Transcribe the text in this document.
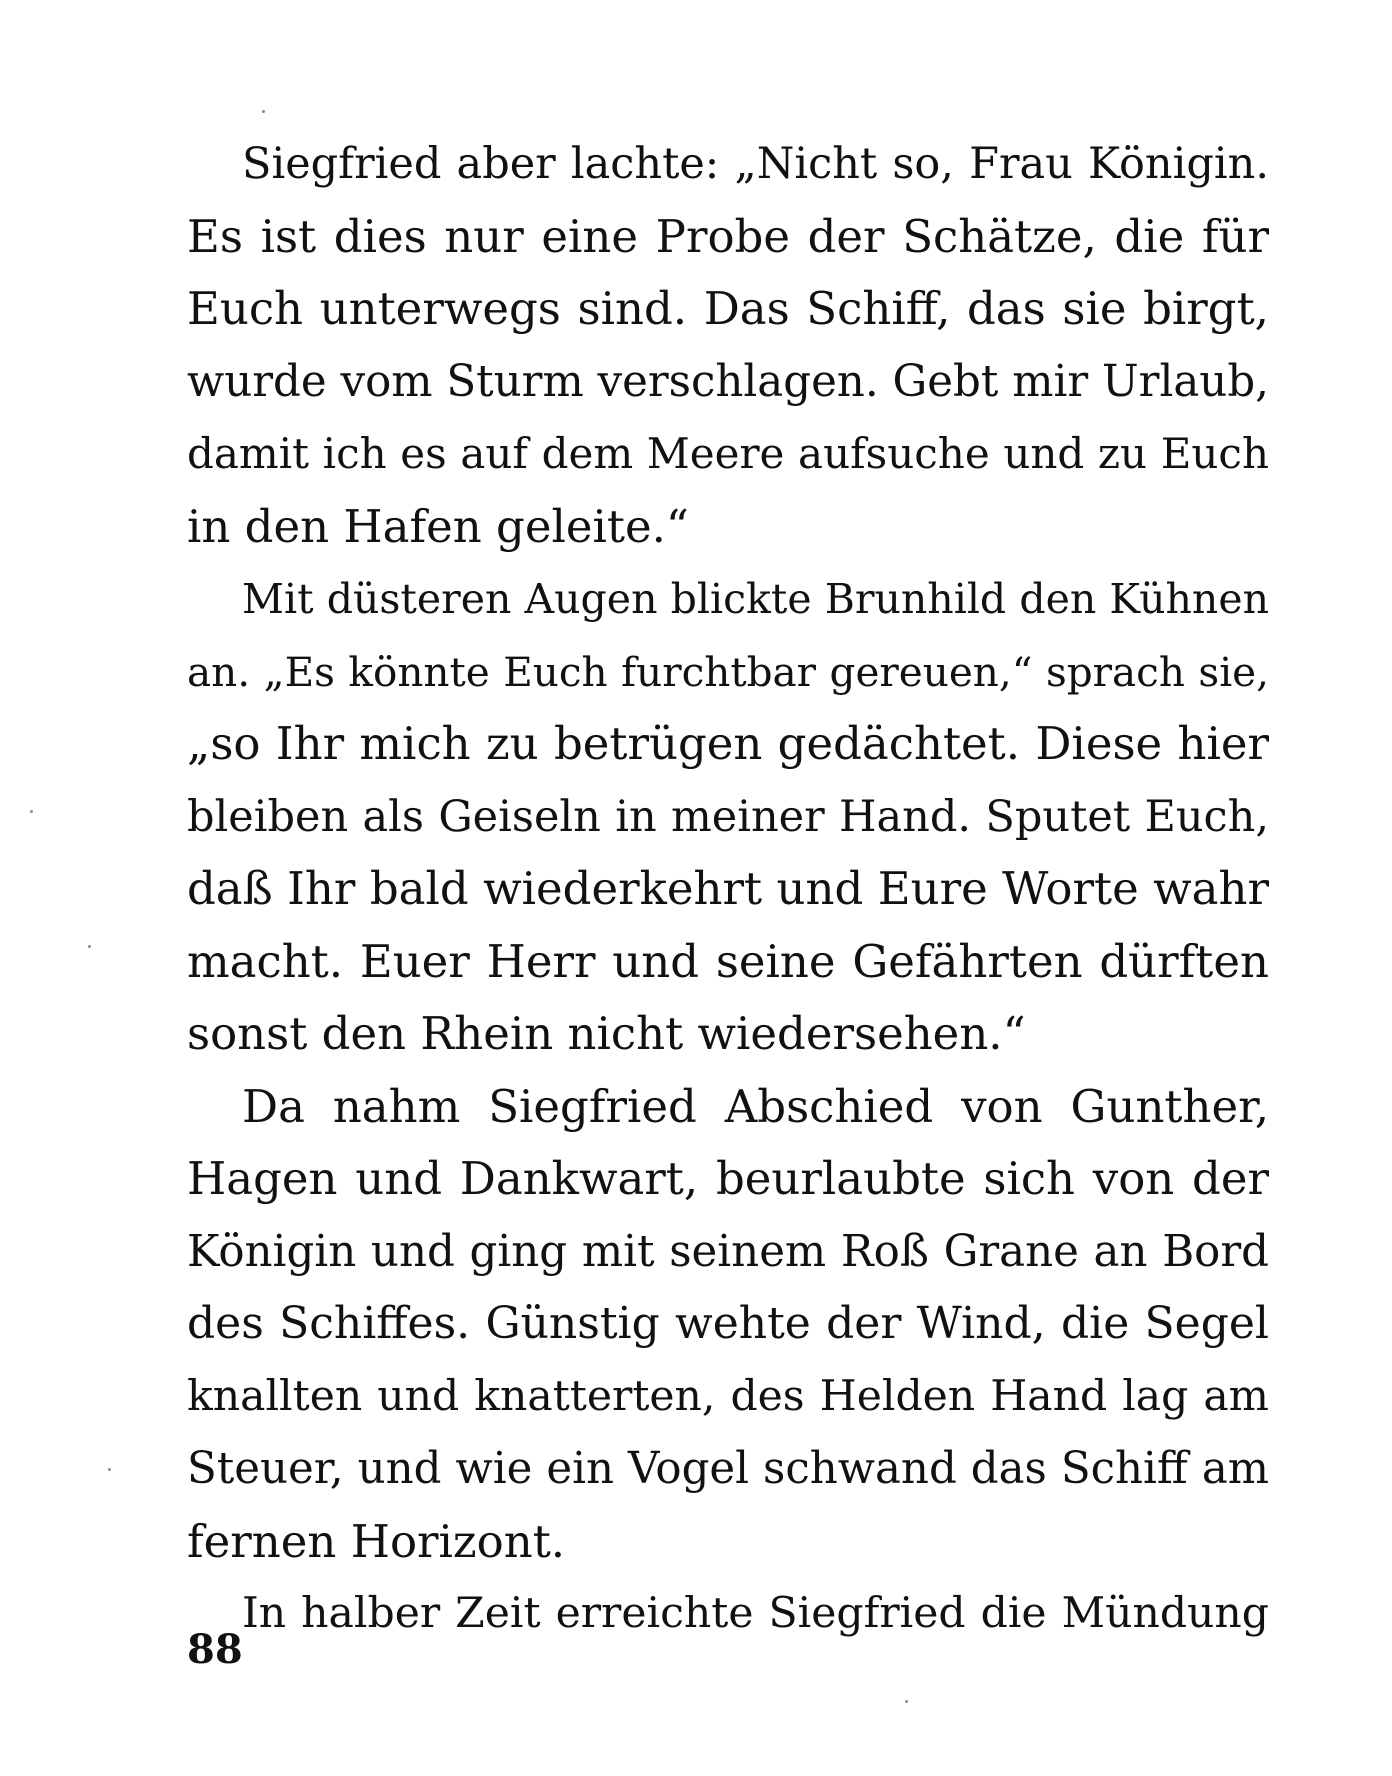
Siegfried aber lachte: „Nicht so, Frau Königin.
Es ist dies nur eine Probe der Schätze, die für
Euch unterwegs sind. Das Schiff, das sie birgt,
wurde vom Sturm verschlagen. Gebt mir Urlaub,
damit ich es auf dem Meere aufsuche und zu Euch
in den Hafen geleite.“
Mit düsteren Augen blickte Brunhild den Kühnen
an. „Es könnte Euch furchtbar gereuen,“ sprach sie,
„so Ihr mich zu betrügen gedächtet. Diese hier
bleiben als Geiseln in meiner Hand. Sputet Euch,
daß Ihr bald wiederkehrt und Eure Worte wahr
macht. Euer Herr und seine Gefährten dürften
sonst den Rhein nicht wiedersehen.“
Da nahm Siegfried Abschied von Gunther,
Hagen und Dankwart, beurlaubte sich von der
Königin und ging mit seinem Roß Grane an Bord
des Schiffes. Günstig wehte der Wind, die Segel
knallten und knatterten, des Helden Hand lag am
Steuer, und wie ein Vogel schwand das Schiff am
fernen Horizont.
In halber Zeit erreichte Siegfried die Mündung
88
